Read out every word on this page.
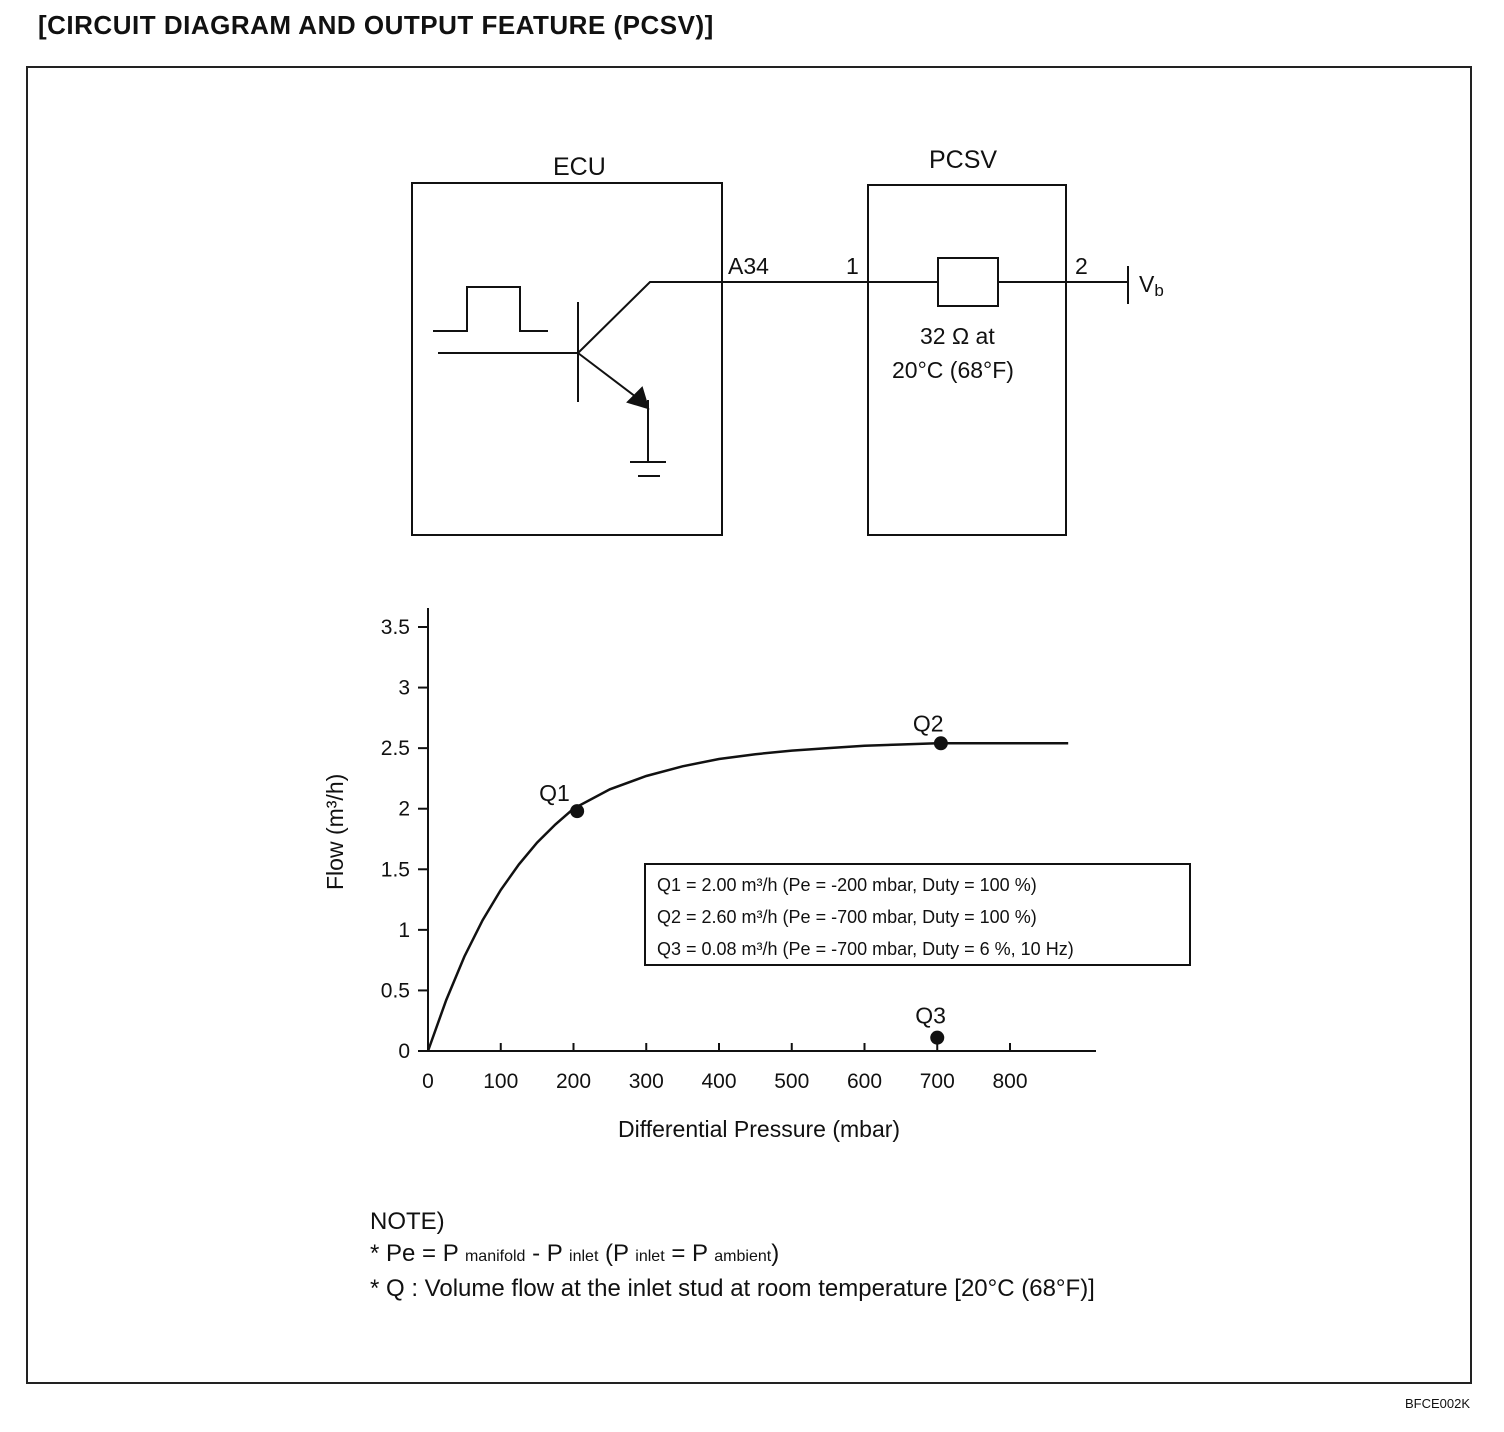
[CIRCUIT DIAGRAM AND OUTPUT FEATURE (PCSV)]
ECU	PCSV
A34	1	2
Vb
32 Ω at
20°C (68°F)
0
0.5
1
1.5
2
2.5
3
3.5
0 100 200 300 400 500 600 700 800
Q1
Q2
Q3
Differential Pressure (mbar)
Flow (m³/h)	Q1 = 2.00 m³/h (Pe = -200 mbar, Duty = 100 %)
Q2 = 2.60 m³/h (Pe = -700 mbar, Duty = 100 %)
Q3 = 0.08 m³/h (Pe = -700 mbar, Duty = 6 %, 10 Hz)
NOTE)
* Pe = P manifold - P inlet (P inlet = P ambient)
* Q : Volume flow at the inlet stud at room temperature [20°C (68°F)]
BFCE002K
